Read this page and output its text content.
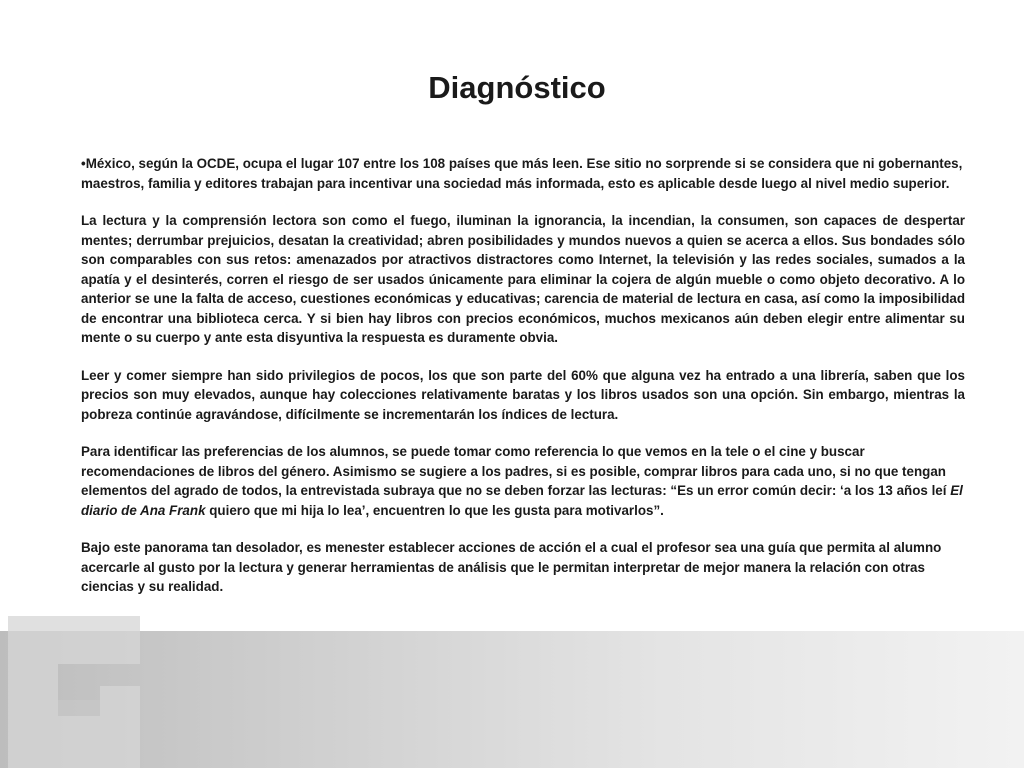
Diagnóstico

•México, según la OCDE, ocupa el lugar 107 entre los 108 países que más leen. Ese sitio no sorprende si se considera que ni gobernantes, maestros, familia y editores trabajan para incentivar una sociedad más informada, esto es aplicable desde luego al nivel medio superior.

La lectura y la comprensión lectora son como el fuego, iluminan la ignorancia, la incendian, la consumen, son capaces de despertar mentes; derrumbar prejuicios, desatan la creatividad; abren posibilidades y mundos nuevos a quien se acerca a ellos. Sus bondades sólo son comparables con sus retos: amenazados por atractivos distractores como Internet, la televisión y las redes sociales, sumados a la apatía y el desinterés, corren el riesgo de ser usados únicamente para eliminar la cojera de algún mueble o como objeto decorativo. A lo anterior se une la falta de acceso, cuestiones económicas y educativas; carencia de material de lectura en casa, así como la imposibilidad de encontrar una biblioteca cerca. Y si bien hay libros con precios económicos, muchos mexicanos aún deben elegir entre alimentar su mente o su cuerpo y ante esta disyuntiva la respuesta es duramente obvia.

Leer y comer siempre han sido privilegios de pocos, los que son parte del 60% que alguna vez ha entrado a una librería, saben que los precios son muy elevados, aunque hay colecciones relativamente baratas y los libros usados son una opción. Sin embargo, mientras la pobreza continúe agravándose, difícilmente se incrementarán los índices de lectura.

Para identificar las preferencias de los alumnos, se puede tomar como referencia lo que vemos en la tele o el cine y buscar recomendaciones de libros del género. Asimismo se sugiere a los padres, si es posible, comprar libros para cada uno, si no que tengan elementos del agrado de todos, la entrevistada subraya que no se deben forzar las lecturas: “Es un error común decir: ‘a los 13 años leí El diario de Ana Frank quiero que mi hija lo lea’, encuentren lo que les gusta para motivarlos”.

Bajo este panorama tan desolador, es menester establecer acciones de acción el a cual el profesor sea una guía que permita al alumno acercarle al gusto por la lectura y generar herramientas de análisis que le permitan interpretar de mejor manera la relación con otras ciencias y su realidad.
